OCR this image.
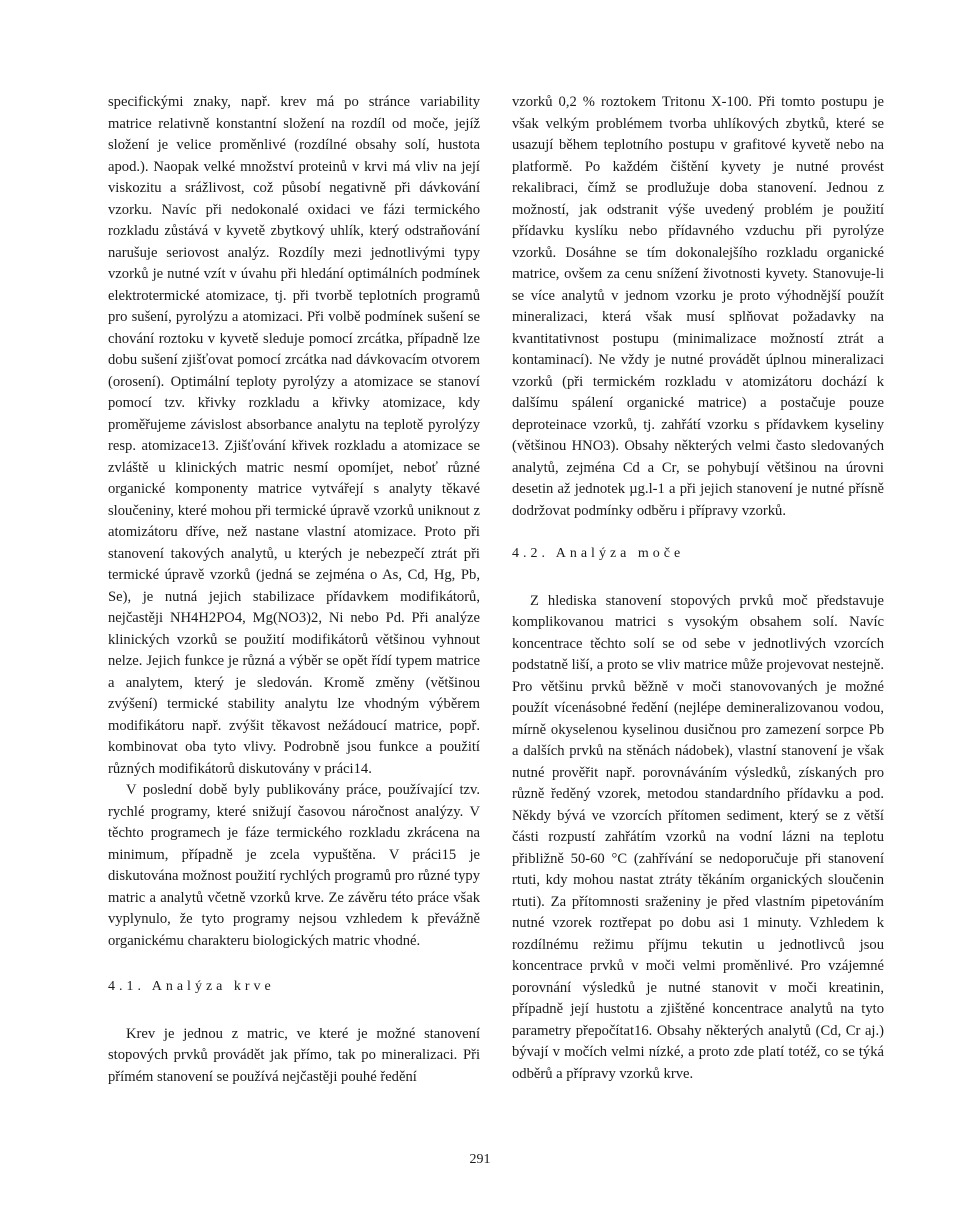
specifickými znaky, např. krev má po stránce variability matrice relativně konstantní složení na rozdíl od moče, jejíž složení je velice proměnlivé (rozdílné obsahy solí, hustota apod.). Naopak velké množství proteinů v krvi má vliv na její viskozitu a srážlivost, což působí negativně při dávkování vzorku. Navíc při nedokonalé oxidaci ve fázi termického rozkladu zůstává v kyvetě zbytkový uhlík, který odstraňování narušuje seriovost analýz. Rozdíly mezi jednotlivými typy vzorků je nutné vzít v úvahu při hledání optimálních podmínek elektrotermické atomizace, tj. při tvorbě teplotních programů pro sušení, pyrolýzu a atomizaci. Při volbě podmínek sušení se chování roztoku v kyvetě sleduje pomocí zrcátka, případně lze dobu sušení zjišťovat pomocí zrcátka nad dávkovacím otvorem (orosení). Optimální teploty pyrolýzy a atomizace se stanoví pomocí tzv. křivky rozkladu a křivky atomizace, kdy proměřujeme závislost absorbance analytu na teplotě pyrolýzy resp. atomizace13. Zjišťování křivek rozkladu a atomizace se zvláště u klinických matric nesmí opomíjet, neboť různé organické komponenty matrice vytvářejí s analyty těkavé sloučeniny, které mohou při termické úpravě vzorků uniknout z atomizátoru dříve, než nastane vlastní atomizace. Proto při stanovení takových analytů, u kterých je nebezpečí ztrát při termické úpravě vzorků (jedná se zejména o As, Cd, Hg, Pb, Se), je nutná jejich stabilizace přídavkem modifikátorů, nejčastěji NH4H2PO4, Mg(NO3)2, Ni nebo Pd. Při analýze klinických vzorků se použití modifikátorů většinou vyhnout nelze. Jejich funkce je různá a výběr se opět řídí typem matrice a analytem, který je sledován. Kromě změny (většinou zvýšení) termické stability analytu lze vhodným výběrem modifikátoru např. zvýšit těkavost nežádoucí matrice, popř. kombinovat oba tyto vlivy. Podrobně jsou funkce a použití různých modifikátorů diskutovány v práci14.

V poslední době byly publikovány práce, používající tzv. rychlé programy, které snižují časovou náročnost analýzy. V těchto programech je fáze termického rozkladu zkrácena na minimum, případně je zcela vypuštěna. V práci15 je diskutována možnost použití rychlých programů pro různé typy matric a analytů včetně vzorků krve. Ze závěru této práce však vyplynulo, že tyto programy nejsou vzhledem k převážně organickému charakteru biologických matric vhodné.

4.1. Analýza krve

Krev je jednou z matric, ve které je možné stanovení stopových prvků provádět jak přímo, tak po mineralizaci. Při přímém stanovení se používá nejčastěji pouhé ředění

vzorků 0,2 % roztokem Tritonu X-100. Při tomto postupu je však velkým problémem tvorba uhlíkových zbytků, které se usazují během teplotního postupu v grafitové kyvetě nebo na platformě. Po každém čištění kyvety je nutné provést rekalibraci, čímž se prodlužuje doba stanovení. Jednou z možností, jak odstranit výše uvedený problém je použití přídavku kyslíku nebo přídavného vzduchu při pyrolýze vzorků. Dosáhne se tím dokonalejšího rozkladu organické matrice, ovšem za cenu snížení životnosti kyvety. Stanovuje-li se více analytů v jednom vzorku je proto výhodnější použít mineralizaci, která však musí splňovat požadavky na kvantitativnost postupu (minimalizace možností ztrát a kontaminací). Ne vždy je nutné provádět úplnou mineralizaci vzorků (při termickém rozkladu v atomizátoru dochází k dalšímu spálení organické matrice) a postačuje pouze deproteinace vzorků, tj. zahřátí vzorku s přídavkem kyseliny (většinou HNO3). Obsahy některých velmi často sledovaných analytů, zejména Cd a Cr, se pohybují většinou na úrovni desetin až jednotek µg.l-1 a při jejich stanovení je nutné přísně dodržovat podmínky odběru i přípravy vzorků.

4.2. Analýza moče

Z hlediska stanovení stopových prvků moč představuje komplikovanou matrici s vysokým obsahem solí. Navíc koncentrace těchto solí se od sebe v jednotlivých vzorcích podstatně liší, a proto se vliv matrice může projevovat nestejně. Pro většinu prvků běžně v moči stanovovaných je možné použít vícenásobné ředění (nejlépe demineralizovanou vodou, mírně okyselenou kyselinou dusičnou pro zamezení sorpce Pb a dalších prvků na stěnách nádobek), vlastní stanovení je však nutné prověřit např. porovnáváním výsledků, získaných pro různě ředěný vzorek, metodou standardního přídavku a pod. Někdy bývá ve vzorcích přítomen sediment, který se z větší části rozpustí zahřátím vzorků na vodní lázni na teplotu přibližně 50-60 °C (zahřívání se nedoporučuje při stanovení rtuti, kdy mohou nastat ztráty těkáním organických sloučenin rtuti). Za přítomnosti sraženiny je před vlastním pipetováním nutné vzorek roztřepat po dobu asi 1 minuty. Vzhledem k rozdílnému režimu příjmu tekutin u jednotlivců jsou koncentrace prvků v moči velmi proměnlivé. Pro vzájemné porovnání výsledků je nutné stanovit v moči kreatinin, případně její hustotu a zjištěné koncentrace analytů na tyto parametry přepočítat16. Obsahy některých analytů (Cd, Cr aj.) bývají v močích velmi nízké, a proto zde platí totéž, co se týká odběrů a přípravy vzorků krve.

291
